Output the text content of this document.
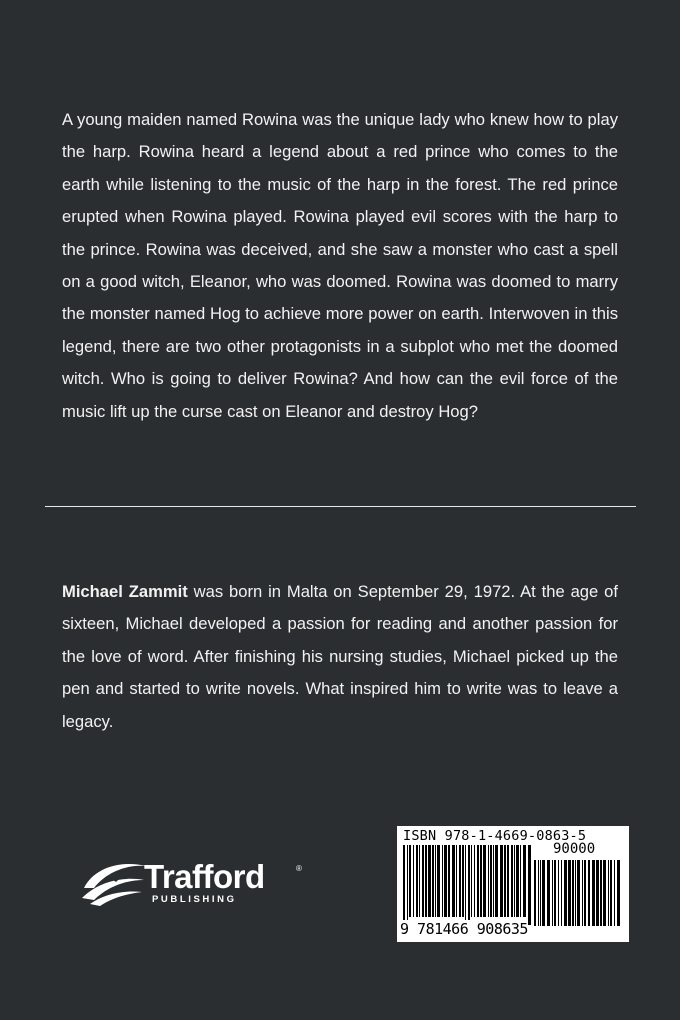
A young maiden named Rowina was the unique lady who knew how to play the harp. Rowina heard a legend about a red prince who comes to the earth while listening to the music of the harp in the forest. The red prince erupted when Rowina played. Rowina played evil scores with the harp to the prince. Rowina was deceived, and she saw a monster who cast a spell on a good witch, Eleanor, who was doomed. Rowina was doomed to marry the monster named Hog to achieve more power on earth. Interwoven in this legend, there are two other protagonists in a subplot who met the doomed witch. Who is going to deliver Rowina? And how can the evil force of the music lift up the curse cast on Eleanor and destroy Hog?

Michael Zammit was born in Malta on September 29, 1972. At the age of sixteen, Michael developed a passion for reading and another passion for the love of word. After finishing his nursing studies, Michael picked up the pen and started to write novels. What inspired him to write was to leave a legacy.

Trafford	®
PUBLISHING
ISBN 978-1-4669-0863-5
90000
9 781466 908635
